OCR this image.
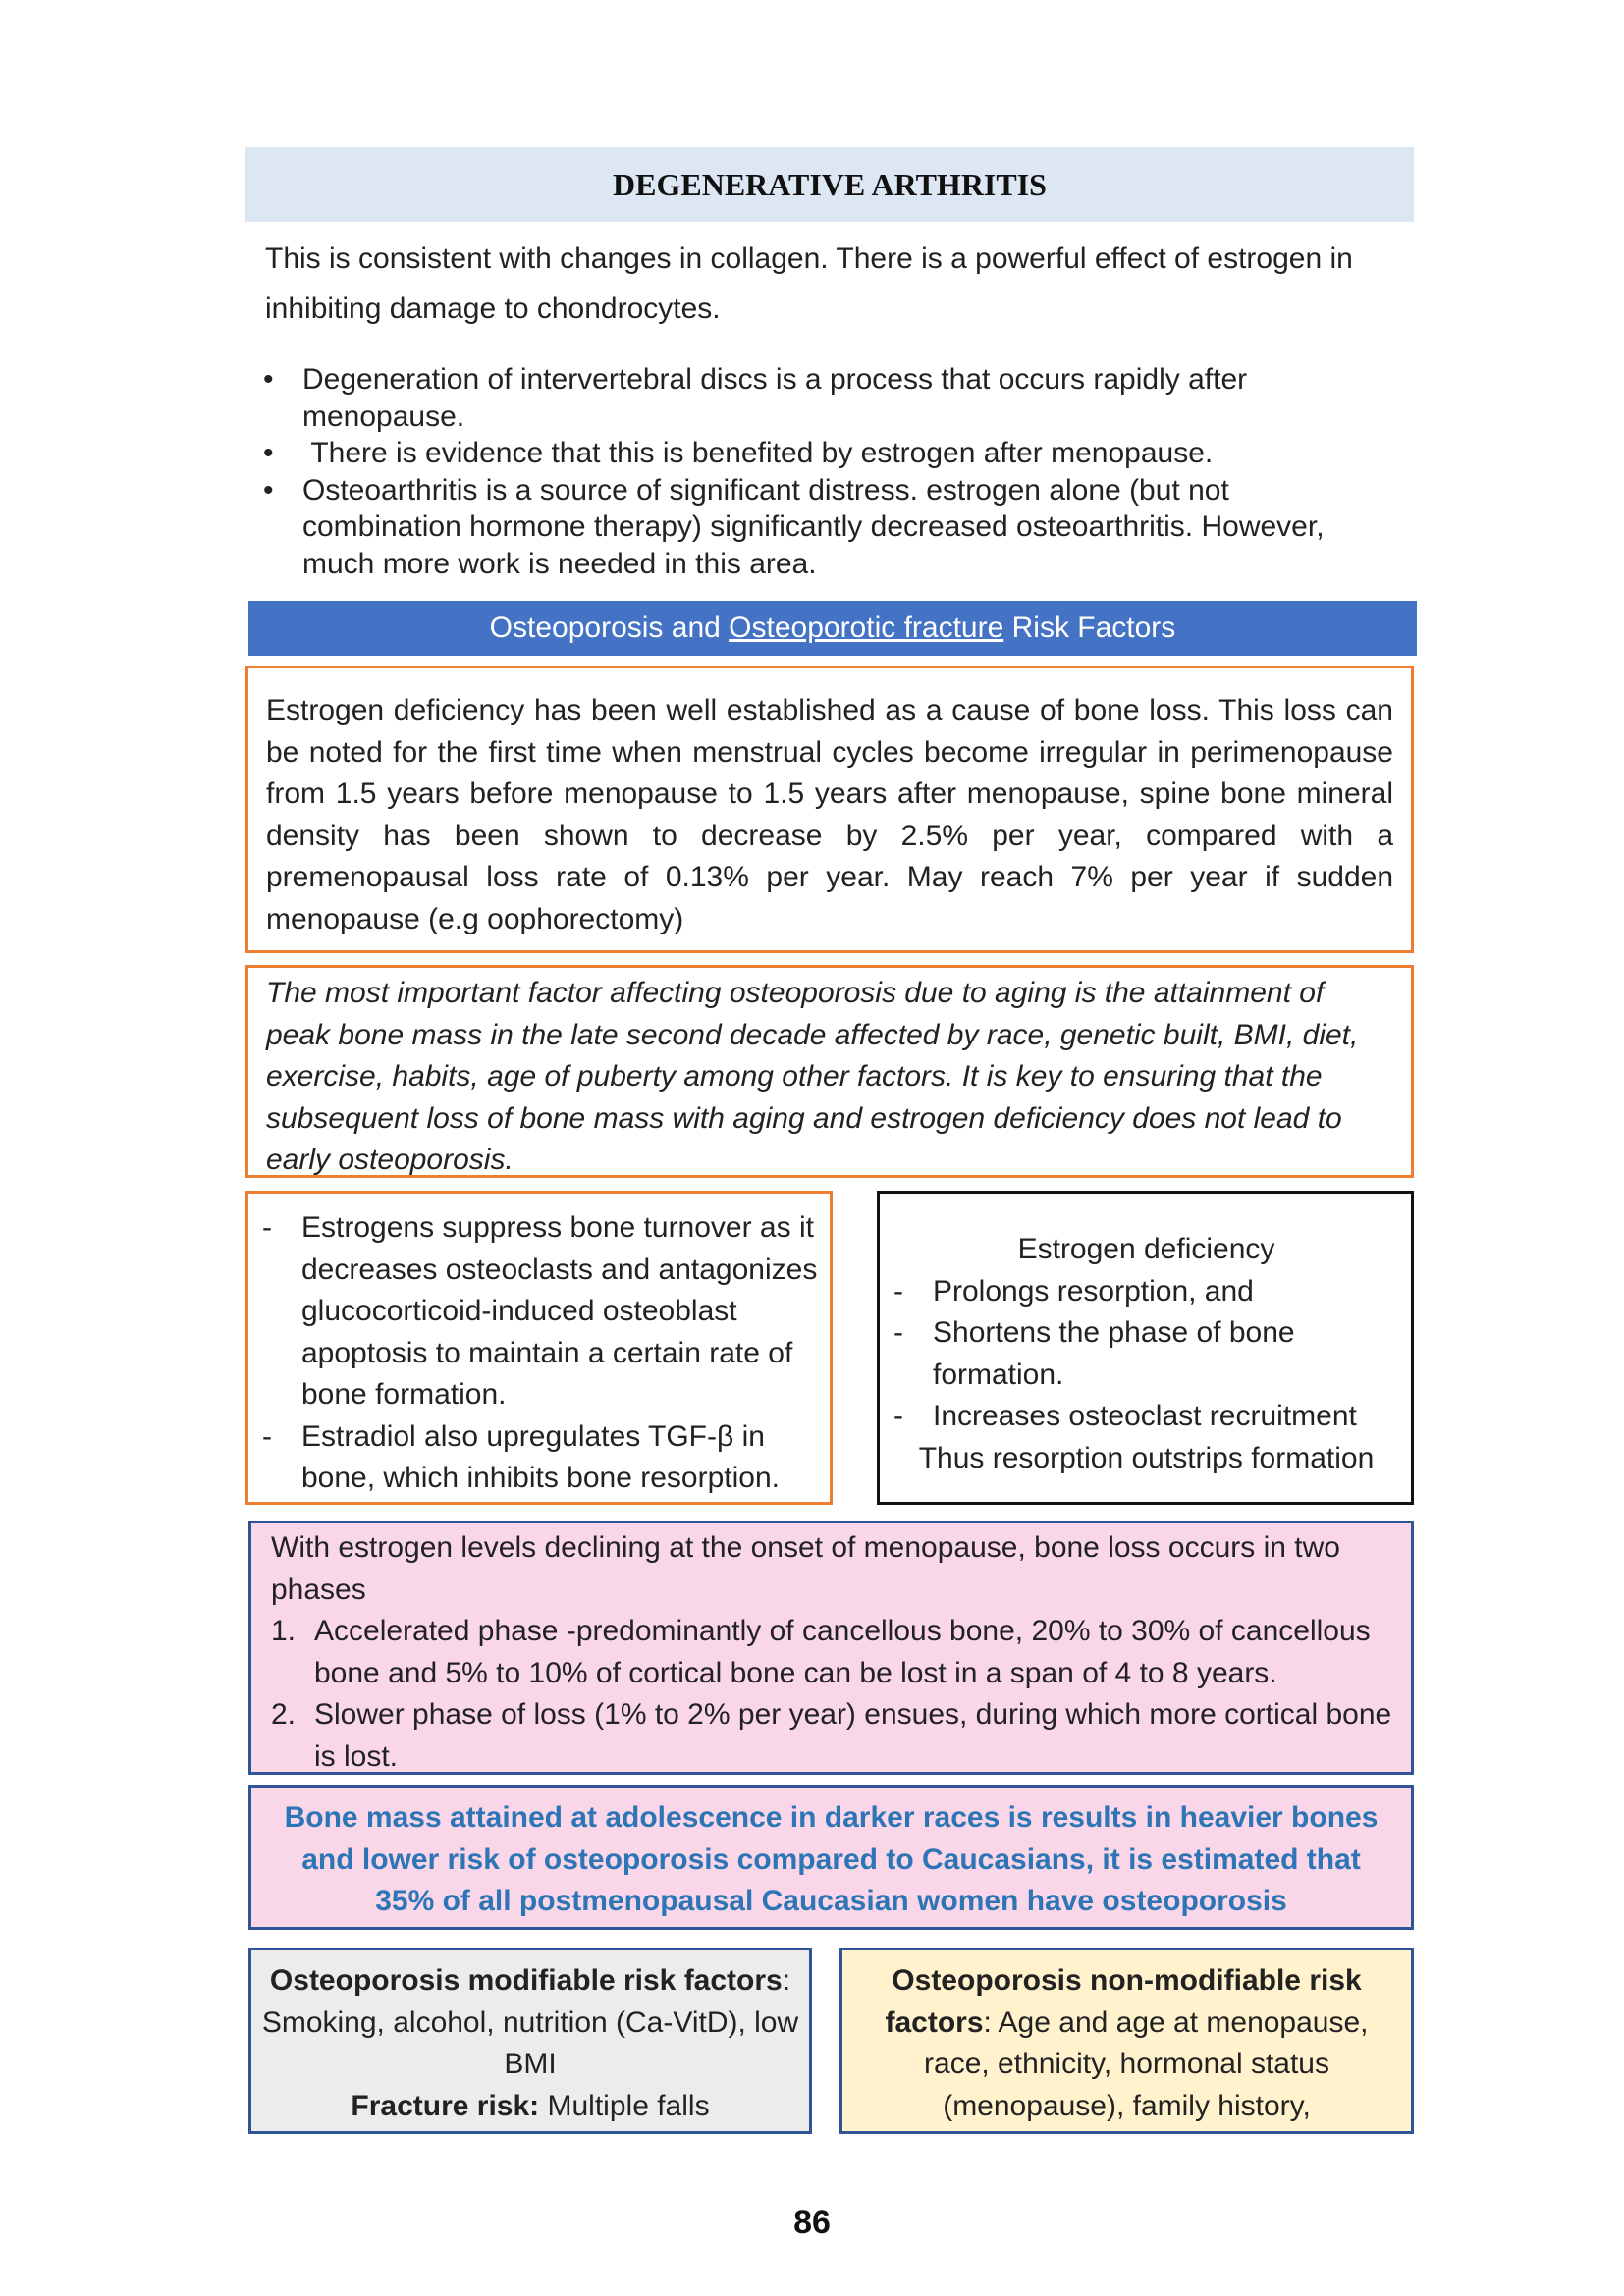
DEGENERATIVE ARTHRITIS
This is consistent with changes in collagen. There is a powerful effect of estrogen in inhibiting damage to chondrocytes.
• Degeneration of intervertebral discs is a process that occurs rapidly after menopause.
• There is evidence that this is benefited by estrogen after menopause.
• Osteoarthritis is a source of significant distress. estrogen alone (but not combination hormone therapy) significantly decreased osteoarthritis. However, much more work is needed in this area.
Osteoporosis and Osteoporotic fracture Risk Factors

Estrogen deficiency has been well established as a cause of bone loss. This loss can be noted for the first time when menstrual cycles become irregular in perimenopause from 1.5 years before menopause to 1.5 years after menopause, spine bone mineral density has been shown to decrease by 2.5% per year, compared with a premenopausal loss rate of 0.13% per year. May reach 7% per year if sudden menopause (e.g oophorectomy)

The most important factor affecting osteoporosis due to aging is the attainment of peak bone mass in the late second decade affected by race, genetic built, BMI, diet, exercise, habits, age of puberty among other factors. It is key to ensuring that the subsequent loss of bone mass with aging and estrogen deficiency does not lead to early osteoporosis.

- Estrogens suppress bone turnover as it decreases osteoclasts and antagonizes glucocorticoid-induced osteoblast apoptosis to maintain a certain rate of bone formation.
- Estradiol also upregulates TGF-β in bone, which inhibits bone resorption.
Estrogen deficiency
- Prolongs resorption, and
- Shortens the phase of bone formation.
- Increases osteoclast recruitment
Thus resorption outstrips formation

With estrogen levels declining at the onset of menopause, bone loss occurs in two phases

1. Accelerated phase -predominantly of cancellous bone, 20% to 30% of cancellous bone and 5% to 10% of cortical bone can be lost in a span of 4 to 8 years.
2. Slower phase of loss (1% to 2% per year) ensues, during which more cortical bone is lost.
Bone mass attained at adolescence in darker races is results in heavier bones and lower risk of osteoporosis compared to Caucasians, it is estimated that 35% of all postmenopausal Caucasian women have osteoporosis
Osteoporosis modifiable risk factors:
Smoking, alcohol, nutrition (Ca-VitD), low BMI
Fracture risk: Multiple falls
Osteoporosis non-modifiable risk factors: Age and age at menopause, race, ethnicity, hormonal status (menopause), family history,
86
